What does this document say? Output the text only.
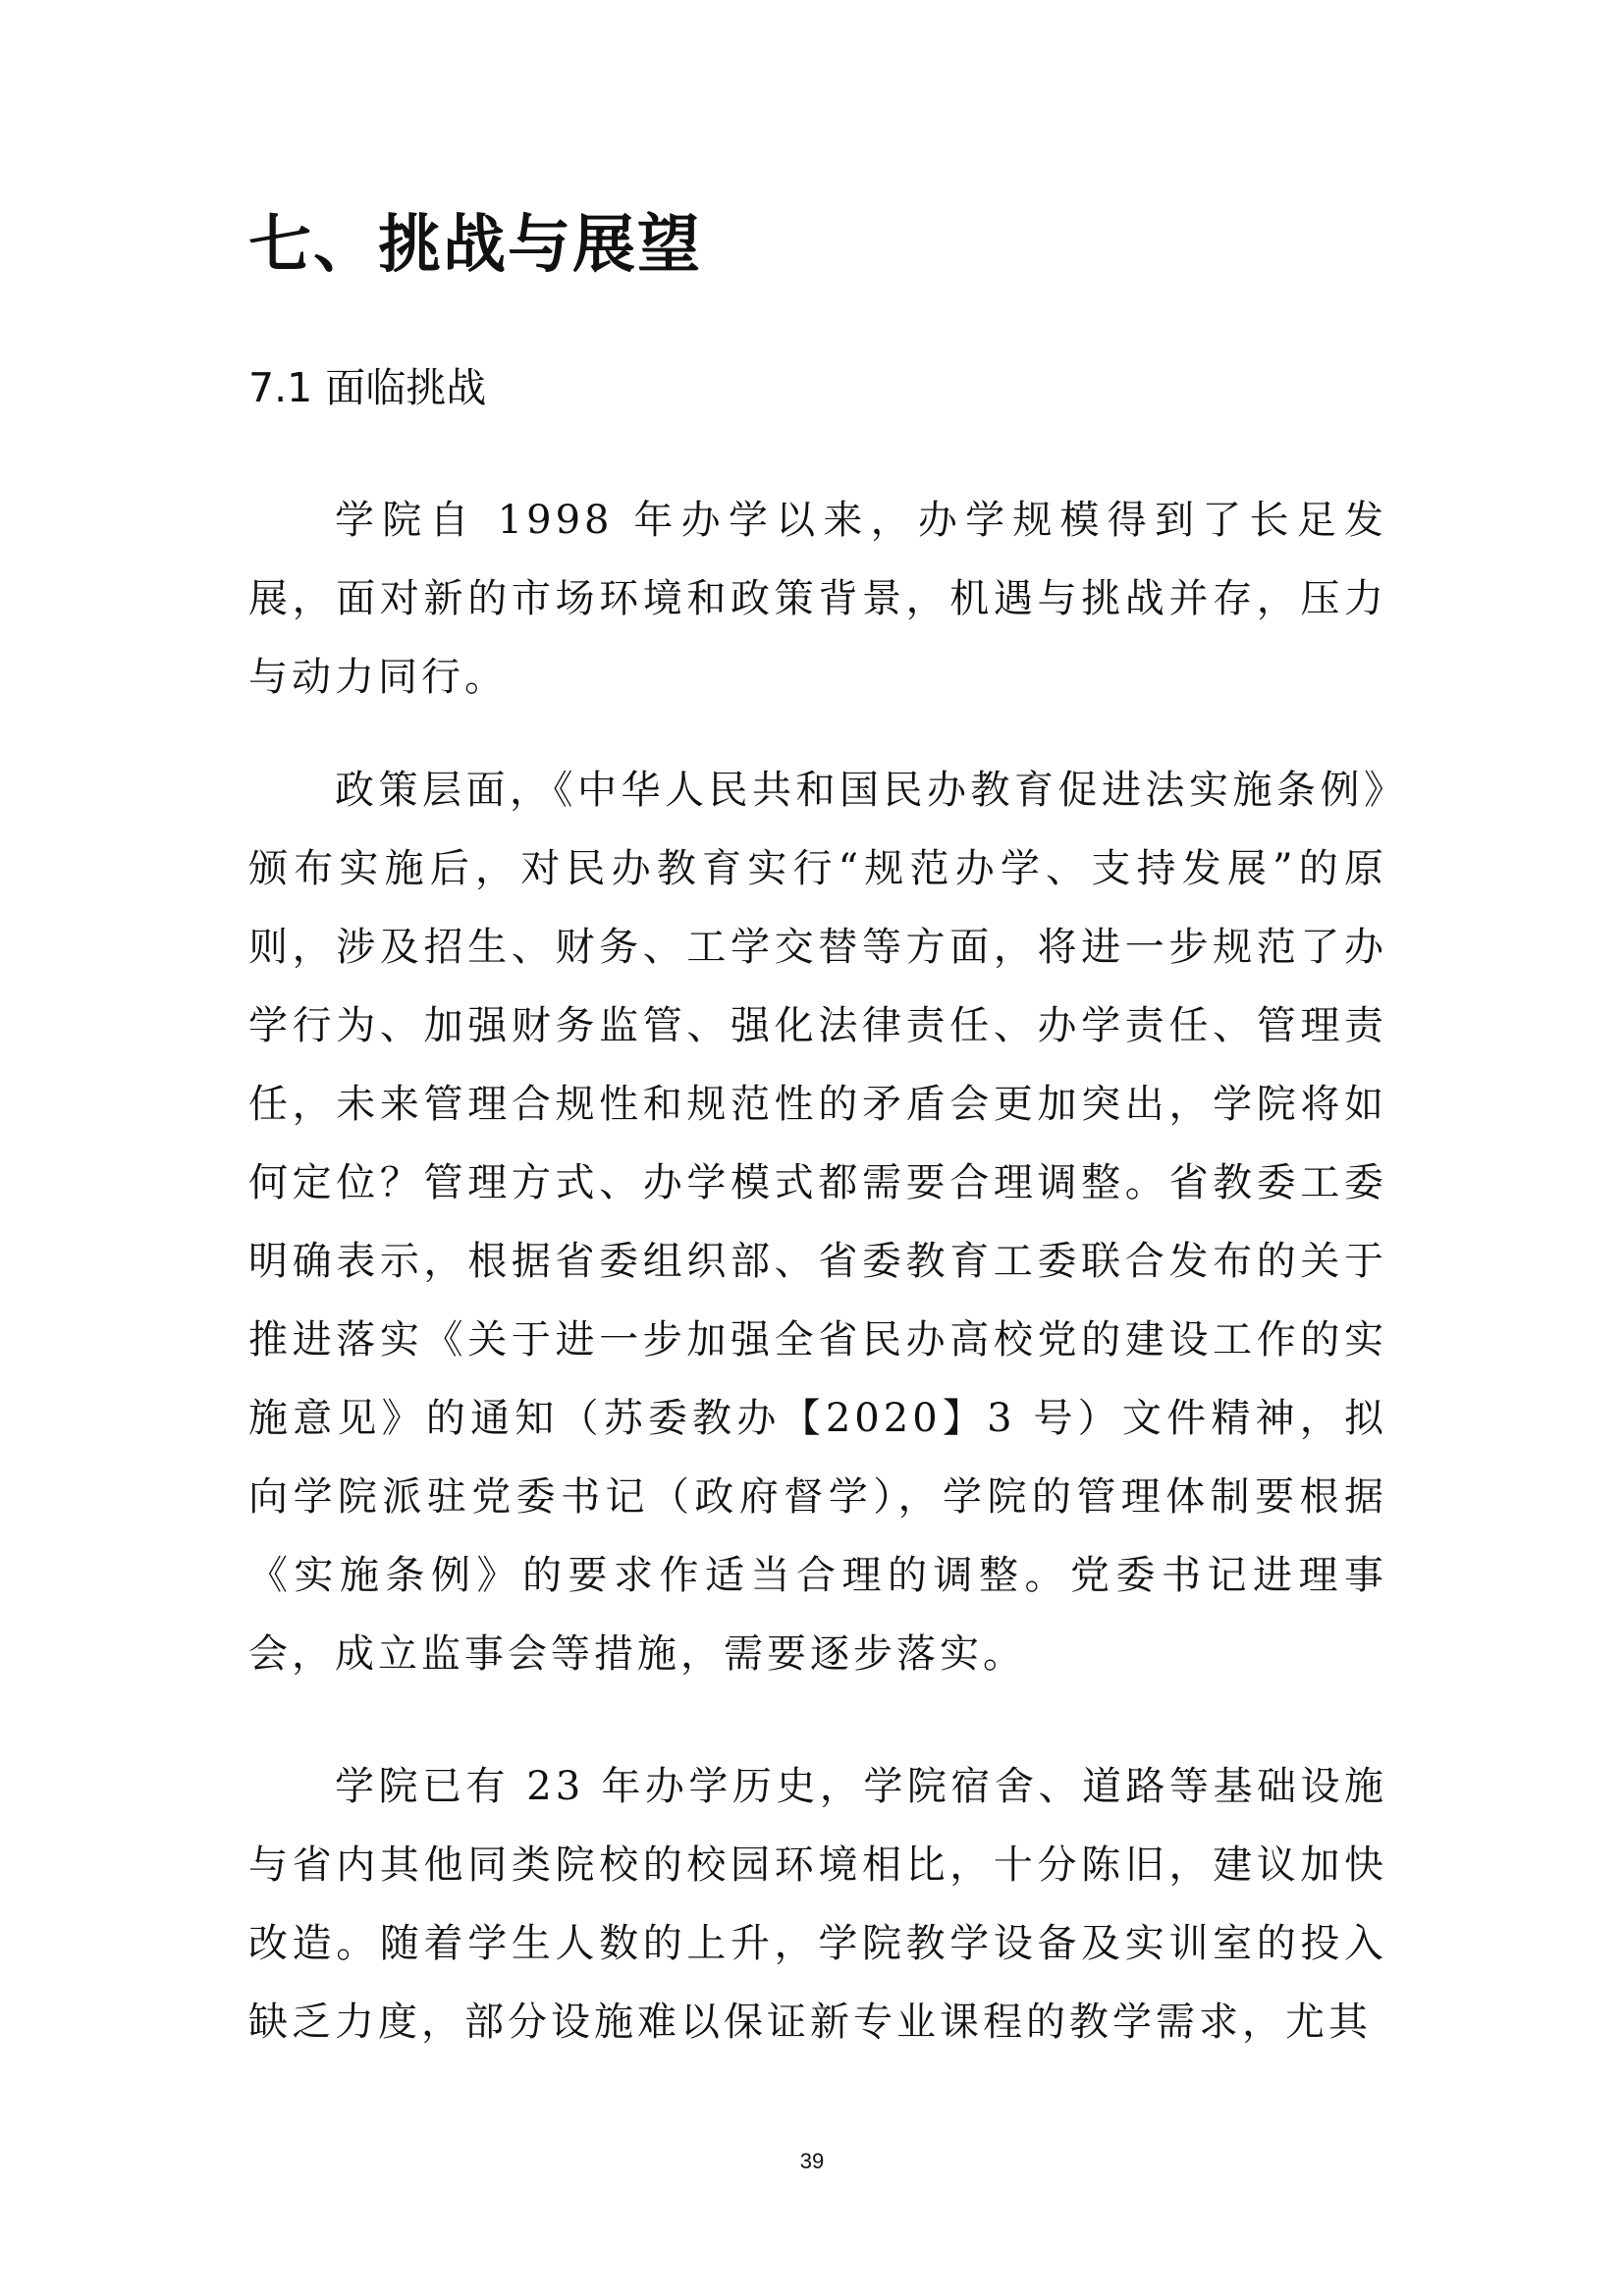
七、挑战与展望
7.1 面临挑战

学院自 1998 年办学以来，办学规模得到了长足发展，面对新的市场环境和政策背景，机遇与挑战并存，压力与动力同行。

政策层面，《中华人民共和国民办教育促进法实施条例》颁布实施后，对民办教育实行“规范办学、支持发展”的原则，涉及招生、财务、工学交替等方面，将进一步规范了办学行为、加强财务监管、强化法律责任、办学责任、管理责任，未来管理合规性和规范性的矛盾会更加突出，学院将如何定位？管理方式、办学模式都需要合理调整。省教委工委明确表示，根据省委组织部、省委教育工委联合发布的关于推进落实《关于进一步加强全省民办高校党的建设工作的实施意见》的通知（苏委教办【2020】3 号）文件精神，拟向学院派驻党委书记（政府督学），学院的管理体制要根据《实施条例》的要求作适当合理的调整。党委书记进理事会，成立监事会等措施，需要逐步落实。

学院已有 23 年办学历史，学院宿舍、道路等基础设施与省内其他同类院校的校园环境相比，十分陈旧，建议加快改造。随着学生人数的上升，学院教学设备及实训室的投入缺乏力度，部分设施难以保证新专业课程的教学需求，尤其

39
